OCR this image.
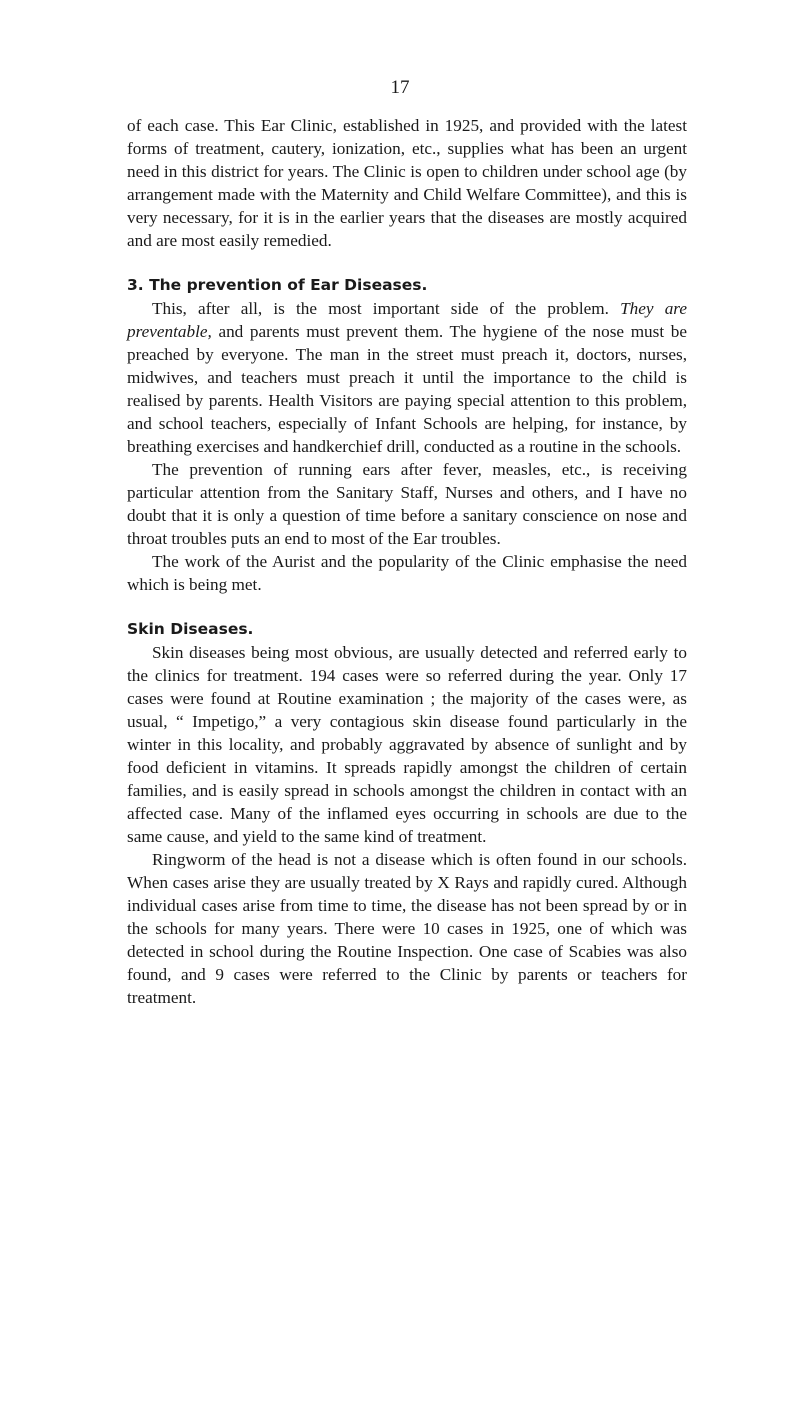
17

of each case. This Ear Clinic, established in 1925, and provided with the latest forms of treatment, cautery, ionization, etc., supplies what has been an urgent need in this district for years. The Clinic is open to children under school age (by arrangement made with the Maternity and Child Welfare Committee), and this is very necessary, for it is in the earlier years that the diseases are mostly acquired and are most easily remedied.

3. The prevention of Ear Diseases.

This, after all, is the most important side of the problem. They are preventable, and parents must prevent them. The hygiene of the nose must be preached by everyone. The man in the street must preach it, doctors, nurses, midwives, and teachers must preach it until the importance to the child is realised by parents. Health Visitors are paying special attention to this problem, and school teachers, especially of Infant Schools are helping, for instance, by breathing exercises and handkerchief drill, conducted as a routine in the schools.

The prevention of running ears after fever, measles, etc., is receiving particular attention from the Sanitary Staff, Nurses and others, and I have no doubt that it is only a question of time before a sanitary conscience on nose and throat troubles puts an end to most of the Ear troubles.

The work of the Aurist and the popularity of the Clinic emphasise the need which is being met.

Skin Diseases.

Skin diseases being most obvious, are usually detected and referred early to the clinics for treatment. 194 cases were so referred during the year. Only 17 cases were found at Routine examination ; the majority of the cases were, as usual, “ Impetigo,” a very contagious skin disease found particularly in the winter in this locality, and probably aggravated by absence of sunlight and by food deficient in vitamins. It spreads rapidly amongst the children of certain families, and is easily spread in schools amongst the children in contact with an affected case. Many of the inflamed eyes occurring in schools are due to the same cause, and yield to the same kind of treatment.

Ringworm of the head is not a disease which is often found in our schools. When cases arise they are usually treated by X Rays and rapidly cured. Although individual cases arise from time to time, the disease has not been spread by or in the schools for many years. There were 10 cases in 1925, one of which was detected in school during the Routine Inspection. One case of Scabies was also found, and 9 cases were referred to the Clinic by parents or teachers for treatment.
